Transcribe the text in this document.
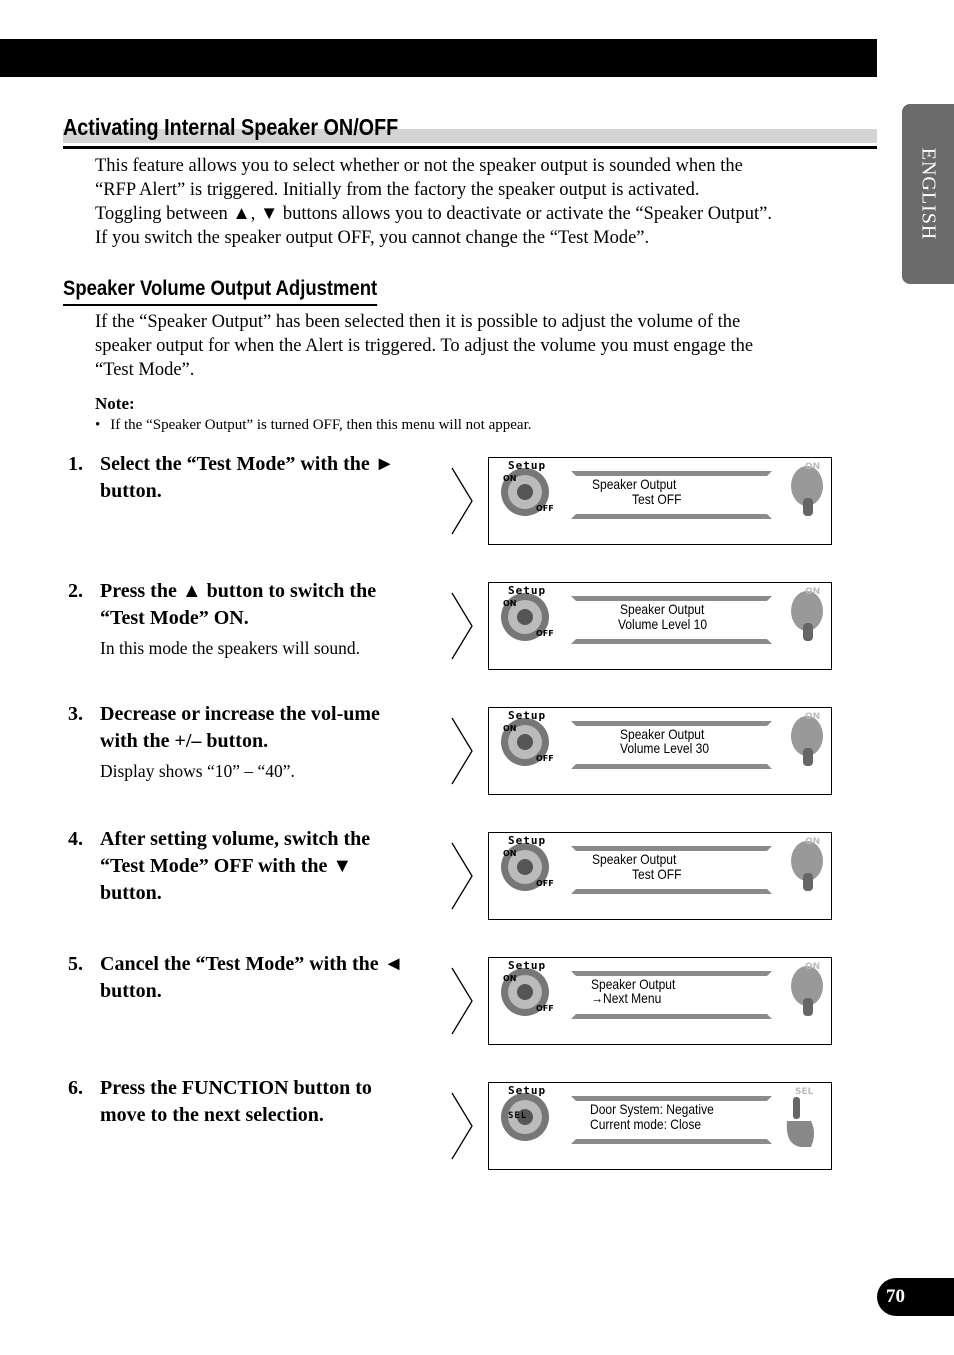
ENGLISH
Activating Internal Speaker ON/OFF
This feature allows you to select whether or not the speaker output is sounded when the
“RFP Alert” is triggered. Initially from the factory the speaker output is activated.
Toggling between ▲, ▼ buttons allows you to deactivate or activate the “Speaker Output”.
If you switch the speaker output OFF, you cannot change the “Test Mode”.
Speaker Volume Output Adjustment
If the “Speaker Output” has been selected then it is possible to adjust the volume of the
speaker output for when the Alert is triggered. To adjust the volume you must engage the
“Test Mode”.
Note:
• If the “Speaker Output” is turned OFF, then this menu will not appear.
1. Select the “Test Mode” with the ► button.
2. Press the ▲ button to switch the “Test Mode” ON.
In this mode the speakers will sound.
3. Decrease or increase the vol-ume with the +/– button.
Display shows “10” – “40”.
4. After setting volume, switch the “Test Mode” OFF with the ▼ button.
5. Cancel the “Test Mode” with the ◄ button.
6. Press the FUNCTION button to move to the next selection.
Setup
ON
OFF
ON
Speaker Output
Test OFF
Setup
ON
OFF
ON
Speaker Output
Volume Level 10
Setup
ON
OFF
ON
Speaker Output
Volume Level 30
Setup
ON
OFF
ON
Speaker Output
Test OFF
Setup
ON
OFF
ON
Speaker Output
→Next Menu
Setup
SEL
SEL
Door System: Negative
Current mode: Close
70
